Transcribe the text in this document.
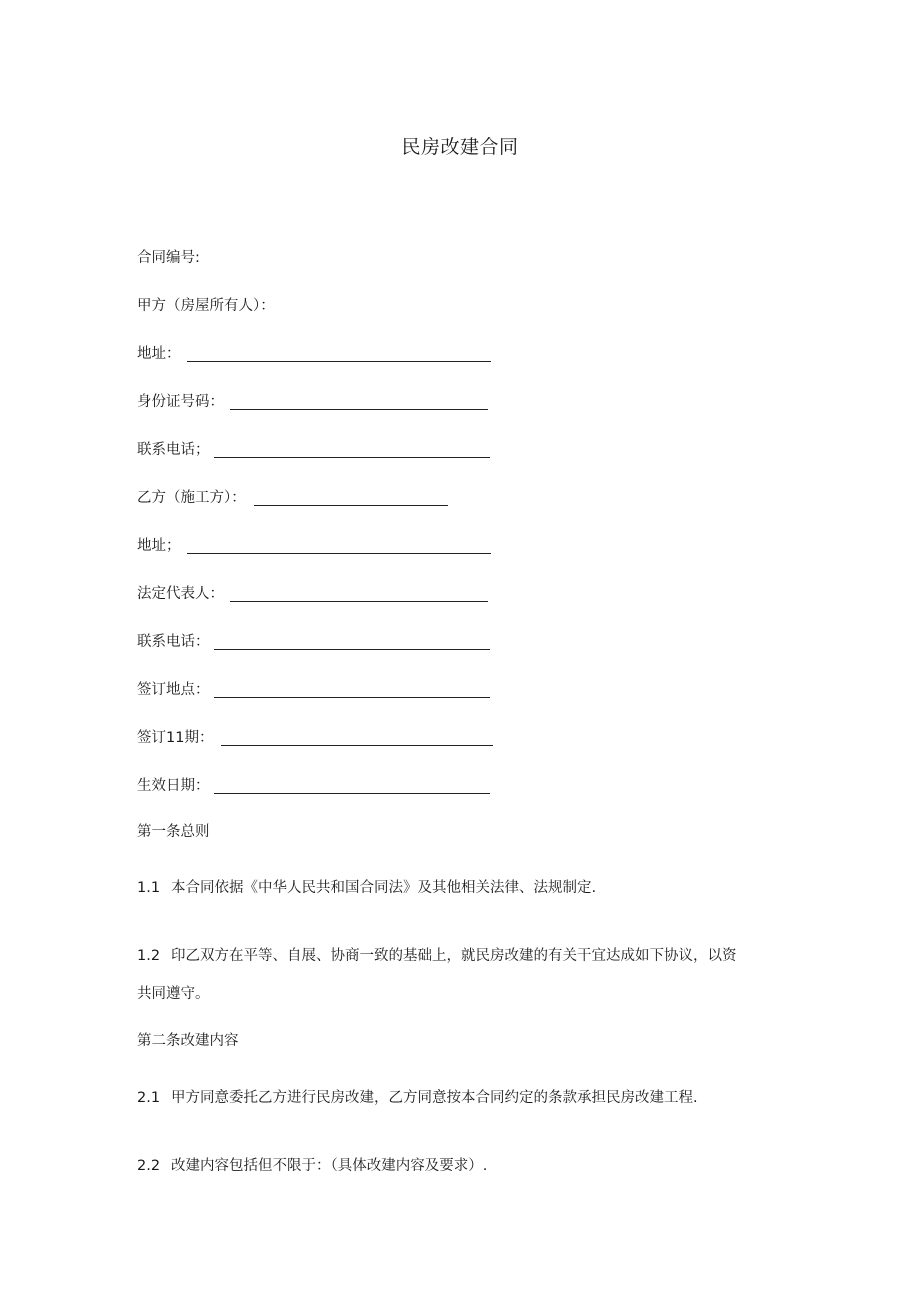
民房改建合同
合同编号:
甲方（房屋所有人）：
地址：
身份证号码：
联系电话；
乙方（施工方）：
地址；
法定代表人：
联系电话：
签订地点：
签订11期：
生效日期：
第一条总则
1.1 本合同依据《中华人民共和国合同法》及其他相关法律、法规制定.
1.2 印乙双方在平等、自展、协商一致的基础上，就民房改建的有关干宜达成如下协议，以资
共同遵守。
第二条改建内容
2.1 甲方同意委托乙方进行民房改建，乙方同意按本合同约定的条款承担民房改建工程.
2.2 改建内容包括但不限于：（具体改建内容及要求）.
